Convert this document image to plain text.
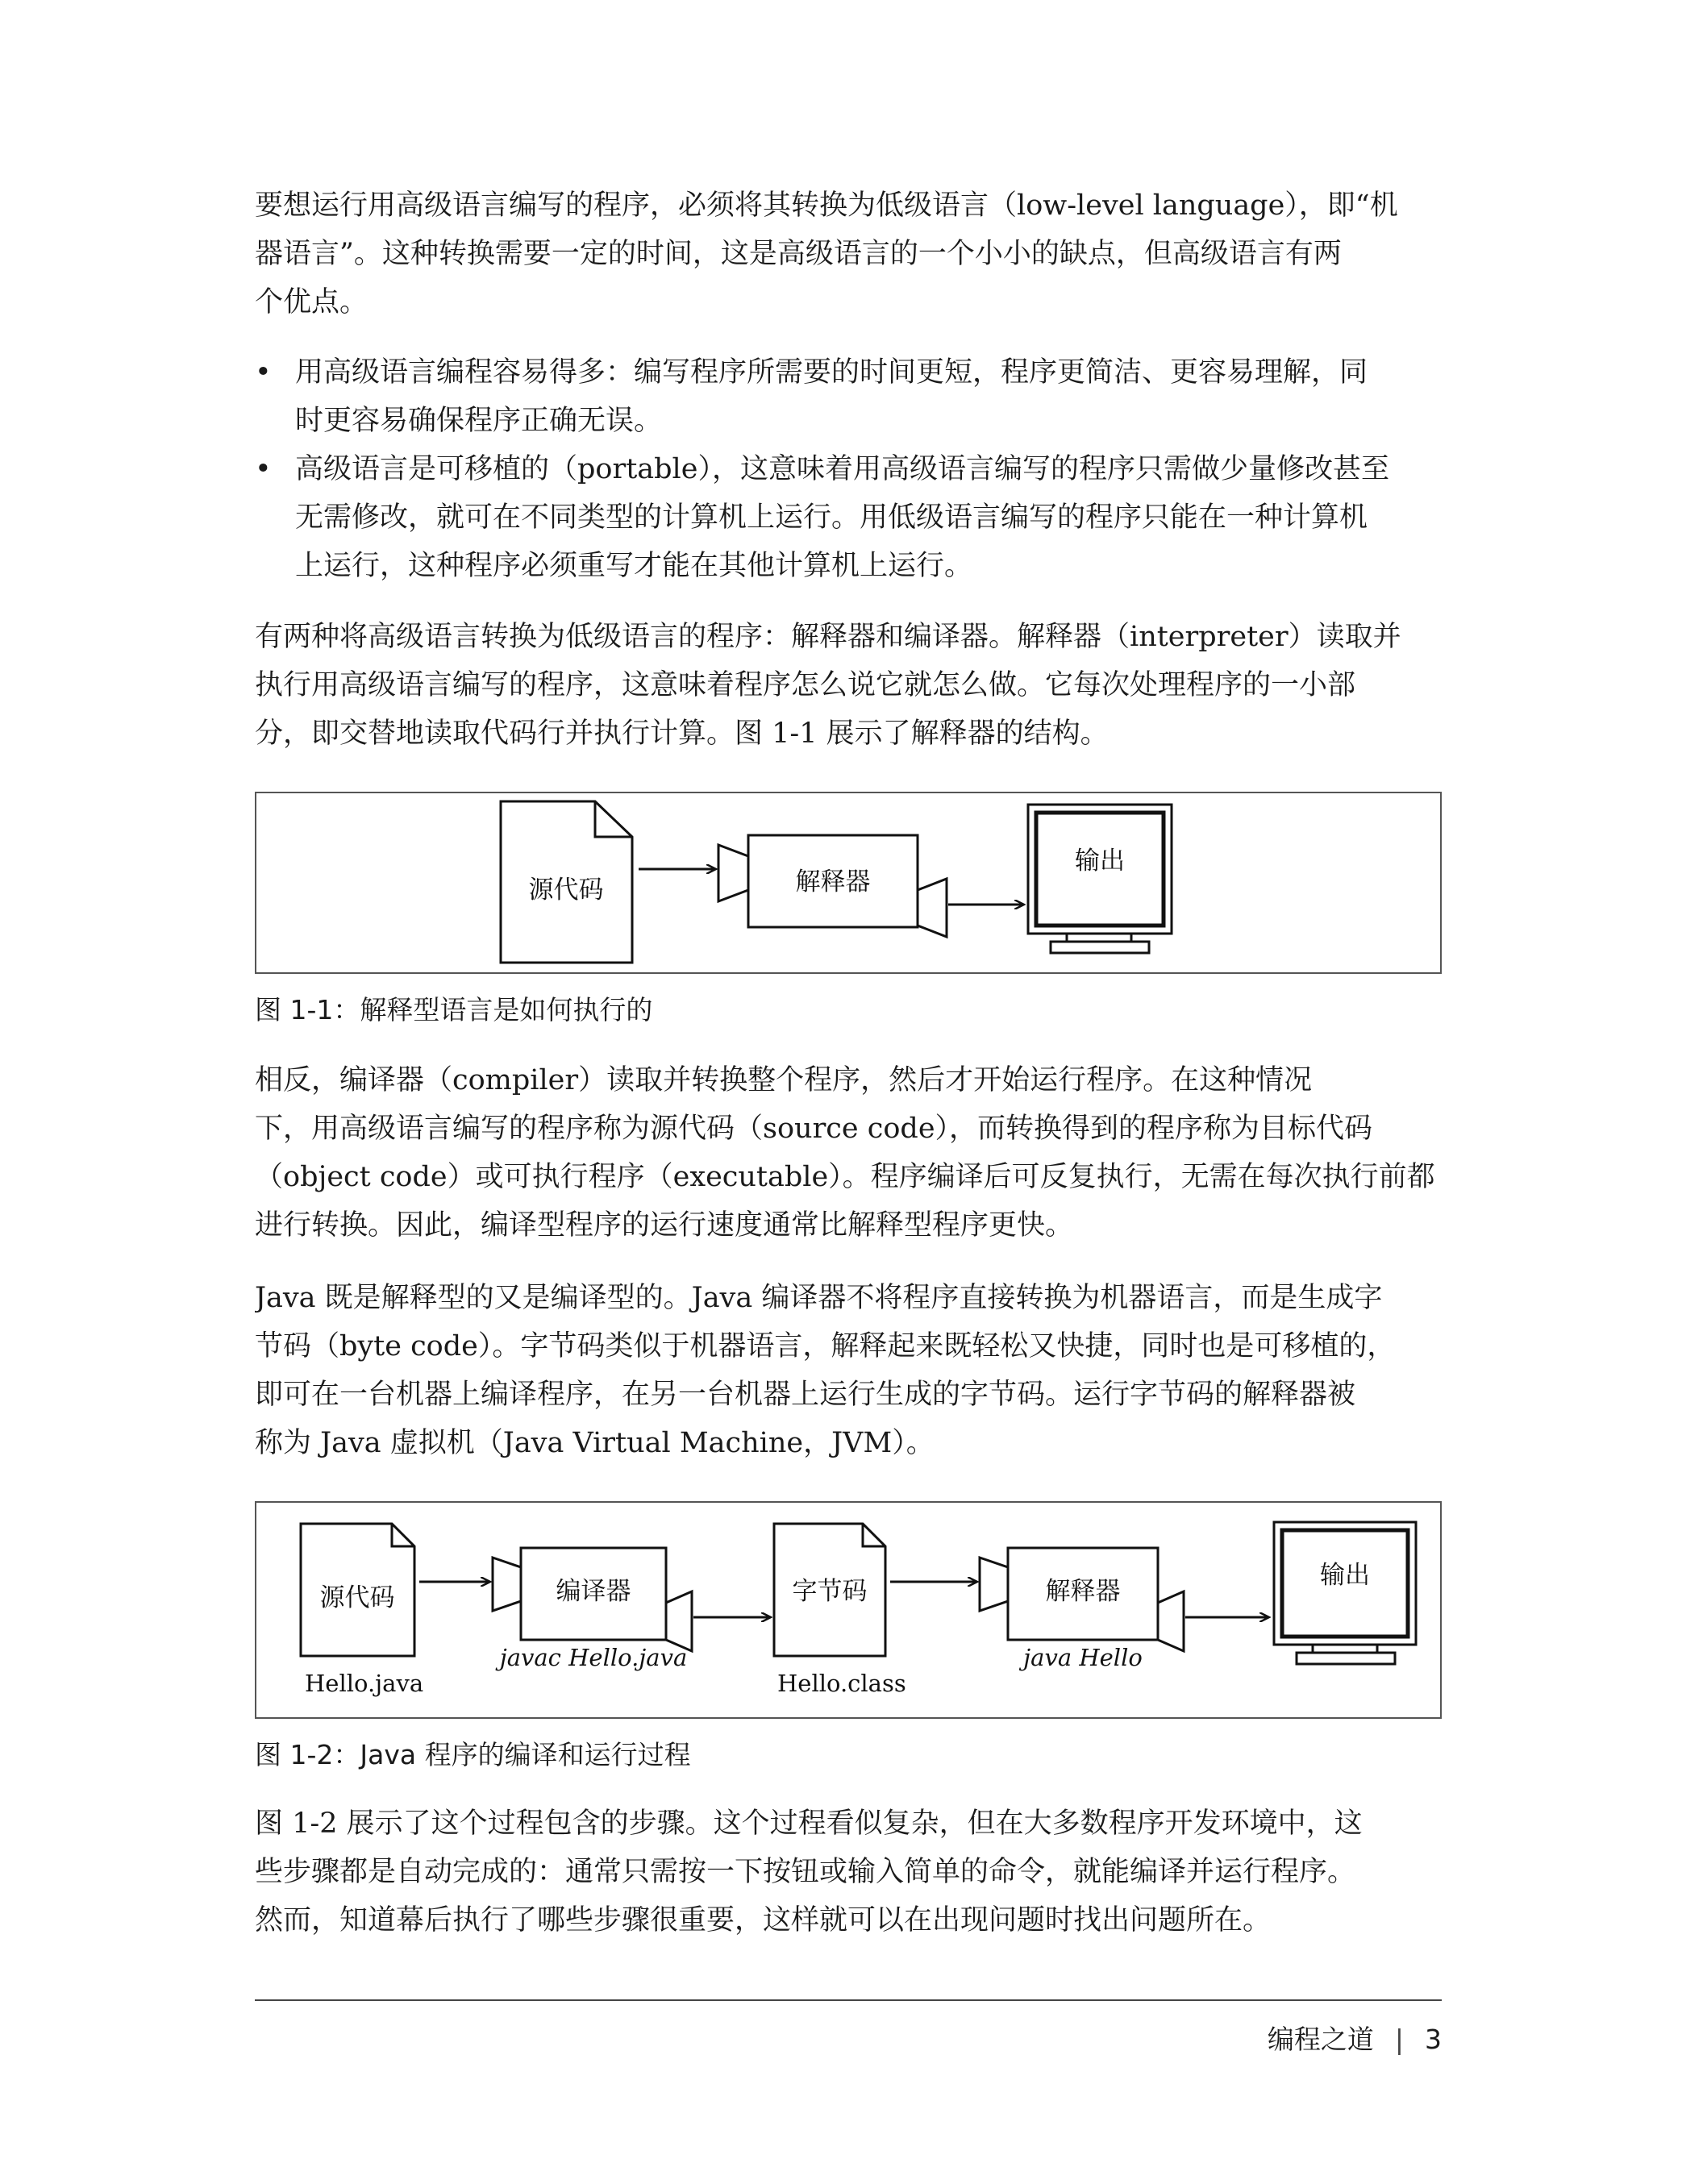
要想运行用高级语言编写的程序，必须将其转换为低级语言（low-level language），即“机
器语言”。这种转换需要一定的时间，这是高级语言的一个小小的缺点，但高级语言有两
个优点。
• 用高级语言编程容易得多：编写程序所需要的时间更短，程序更简洁、更容易理解，同
时更容易确保程序正确无误。
• 高级语言是可移植的（portable），这意味着用高级语言编写的程序只需做少量修改甚至
无需修改，就可在不同类型的计算机上运行。用低级语言编写的程序只能在一种计算机
上运行，这种程序必须重写才能在其他计算机上运行。
有两种将高级语言转换为低级语言的程序：解释器和编译器。解释器（interpreter）读取并
执行用高级语言编写的程序，这意味着程序怎么说它就怎么做。它每次处理程序的一小部
分，即交替地读取代码行并执行计算。图 1-1 展示了解释器的结构。
源代码	解释器
输出

图 1-1：解释型语言是如何执行的

相反，编译器（compiler）读取并转换整个程序，然后才开始运行程序。在这种情况
下，用高级语言编写的程序称为源代码（source code），而转换得到的程序称为目标代码
（object code）或可执行程序（executable）。程序编译后可反复执行，无需在每次执行前都
进行转换。因此，编译型程序的运行速度通常比解释型程序更快。
Java 既是解释型的又是编译型的。Java 编译器不将程序直接转换为机器语言，而是生成字
节码（byte code）。字节码类似于机器语言，解释起来既轻松又快捷，同时也是可移植的，
即可在一台机器上编译程序，在另一台机器上运行生成的字节码。运行字节码的解释器被
称为 Java 虚拟机（Java Virtual Machine，JVM）。
源代码
Hello.java
编译器
javac Hello.java
字节码
Hello.class
解释器
java Hello
输出

图 1-2：Java 程序的编译和运行过程

图 1-2 展示了这个过程包含的步骤。这个过程看似复杂，但在大多数程序开发环境中，这
些步骤都是自动完成的：通常只需按一下按钮或输入简单的命令，就能编译并运行程序。
然而，知道幕后执行了哪些步骤很重要，这样就可以在出现问题时找出问题所在。
编程之道 | 3
